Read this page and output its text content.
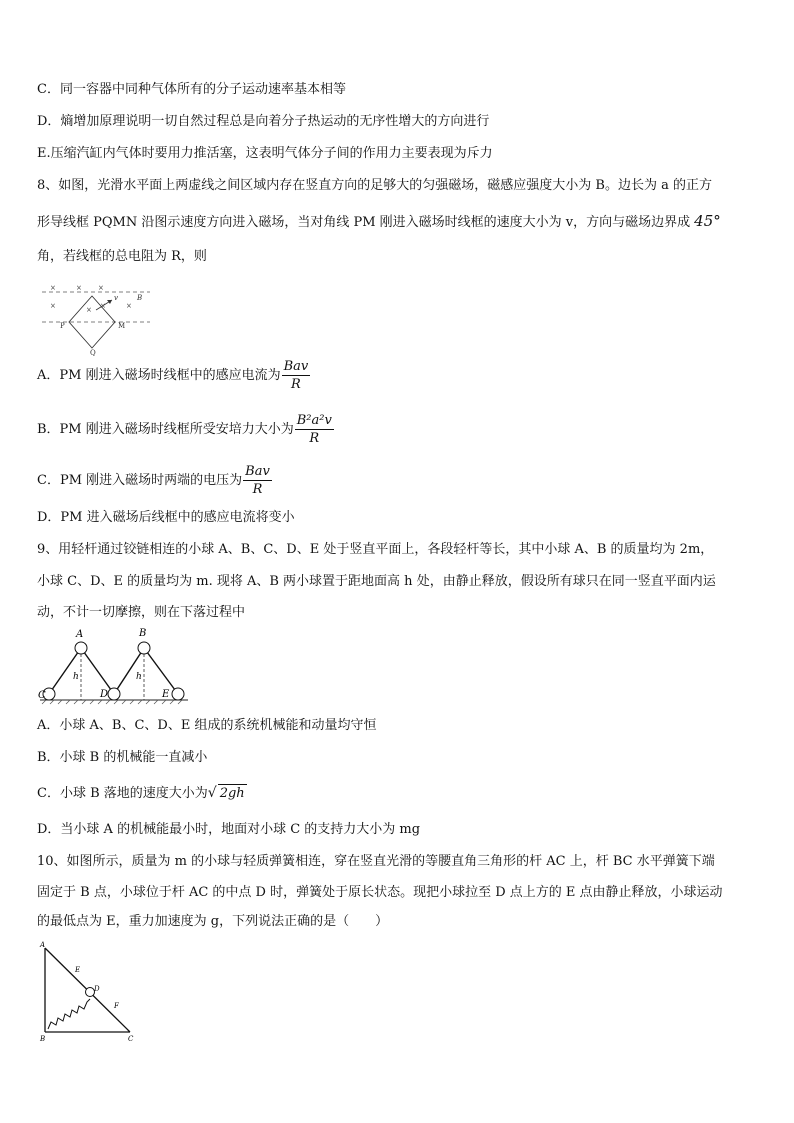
C．同一容器中同种气体所有的分子运动速率基本相等
D．熵增加原理说明一切自然过程总是向着分子热运动的无序性增大的方向进行
E.压缩汽缸内气体时要用力推活塞，这表明气体分子间的作用力主要表现为斥力
8、如图，光滑水平面上两虚线之间区域内存在竖直方向的足够大的匀强磁场，磁感应强度大小为 B。边长为 a 的正方
形导线框 PQMN 沿图示速度方向进入磁场，当对角线 PM 刚进入磁场时线框的速度大小为 v，方向与磁场边界成 45°
角，若线框的总电阻为 R，则
×	× ×
×	× ×	×
v	B
P	M
Q
A．PM 刚进入磁场时线框中的感应电流为 $\frac{\text{Bav}}{R}$
B．PM 刚进入磁场时线框所受安培力大小为 $\frac{\text{B²a²v}}{R}$
C．PM 刚进入磁场时两端的电压为 $\frac{\text{Bav}}{R}$
D．PM 进入磁场后线框中的感应电流将变小
9、用轻杆通过铰链相连的小球 A、B、C、D、E 处于竖直平面上，各段轻杆等长，其中小球 A、B 的质量均为 2m，
小球 C、D、E 的质量均为 m. 现将 A、B 两小球置于距地面高 h 处，由静止释放，假设所有球只在同一竖直平面内运
动，不计一切摩擦，则在下落过程中
A	B
C	D	E
h	h
A．小球 A、B、C、D、E 组成的系统机械能和动量均守恒
B．小球 B 的机械能一直减小
C．小球 B 落地的速度大小为√ 2gh
D．当小球 A 的机械能最小时，地面对小球 C 的支持力大小为 mg
10、如图所示，质量为 m 的小球与轻质弹簧相连，穿在竖直光滑的等腰直角三角形的杆 AC 上，杆 BC 水平弹簧下端
固定于 B 点，小球位于杆 AC 的中点 D 时，弹簧处于原长状态。现把小球拉至 D 点上方的 E 点由静止释放，小球运动
的最低点为 E，重力加速度为 g，下列说法正确的是（　　）
A
E
D
F
B	C
